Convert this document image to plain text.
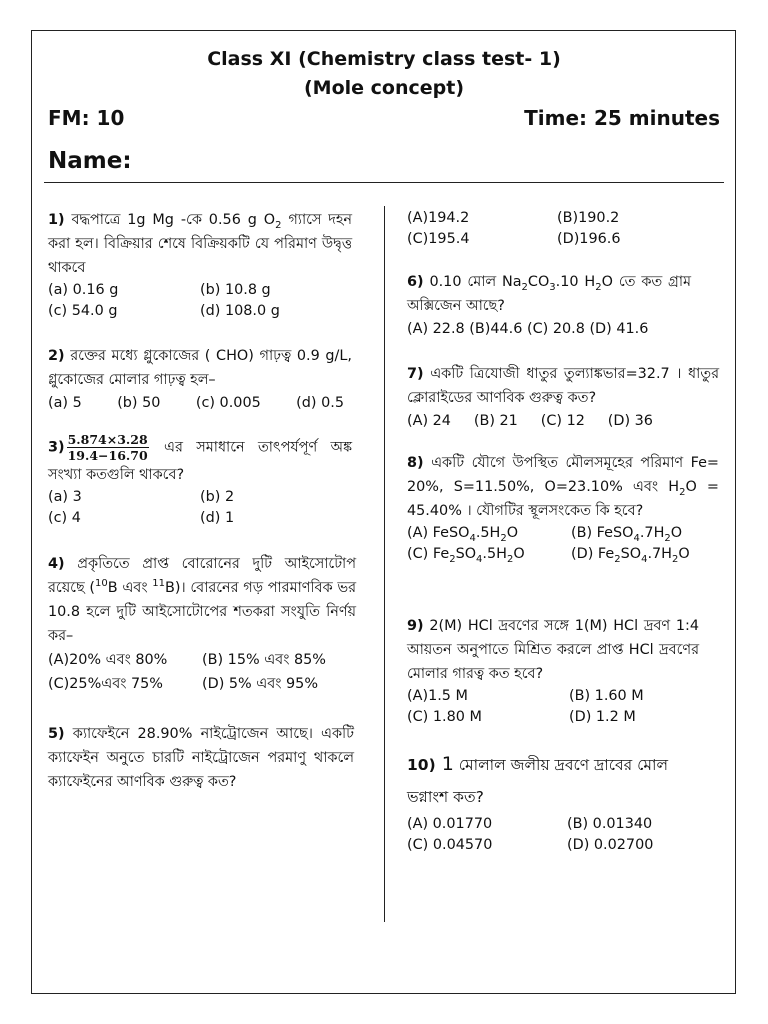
Class XI (Chemistry class test- 1)
(Mole concept)
FM: 10	Time: 25 minutes
Name:

1) বদ্ধপাত্রে 1g Mg -কে 0.56 g $O_2$ গ্যাসে দহন করা হল। বিক্রিয়ার শেষে বিক্রিয়কটি যে পরিমাণ উদ্বৃত্ত থাকবে

(a) 0.16 g	(b) 10.8 g
(c) 54.0 g	(d) 108.0 g

2) রক্তের মধ্যে গ্লুকোজের ( CHO) গাঢ়ত্ব 0.9 g/L, গ্লুকোজের মোলার গাঢ়ত্ব হল–

(a) 5 (b) 50 (c) 0.005 (d) 0.5

$3) \frac{5.874\times 3.28}{19.4-16.70}$ এর সমাধানে তাৎপর্যপূর্ণ অঙ্ক সংখ্যা কতগুলি থাকবে?

(a) 3	(b) 2
(c) 4	(d) 1

4) প্রকৃতিতে প্রাপ্ত বোরোনের দুটি আইসোটোপ রয়েছে ($^{10}$B এবং $^{11}$B)। বোরনের গড় পারমাণবিক ভর 10.8 হলে দুটি আইসোটোপের শতকরা সংযুতি নির্ণয় কর–

(A)20% এবং 80%	(B) 15% এবং 85%
(C)25%এবং 75%	(D) 5% এবং 95%

5) ক্যাফেইনে 28.90% নাইট্রোজেন আছে। একটি ক্যাফেইন অনুতে চারটি নাইট্রোজেন পরমাণু থাকলে ক্যাফেইনের আণবিক গুরুত্ব কত?

(A)194.2	(B)190.2
(C)195.4	(D)196.6

6) 0.10 মোল $Na_2CO_3.10$ $H_2O$ তে কত গ্রাম অক্সিজেন আছে?

(A) 22.8 (B)44.6 (C) 20.8 (D) 41.6

7) একটি ত্রিযোজী ধাতুর তুল্যাঙ্কভার=32.7 । ধাতুর ক্লোরাইডের আণবিক গুরুত্ব কত?

(A) 24 (B) 21 (C) 12 (D) 36

8) একটি যৌগে উপস্থিত মৌলসমূহের পরিমাণ Fe= 20%, S=11.50%, O=23.10% এবং $H_2O = 45.40\%$ । যৌগটির স্থূলসংকেত কি হবে?

(A) $FeSO_4.5H_2O$	(B) $FeSO_4.7H_2O$
(C) $Fe_2SO_4.5H_2O$	(D) $Fe_2SO_4.7H_2O$

9) 2(M) HCl দ্রবণের সঙ্গে 1(M) HCl দ্রবণ 1:4 আয়তন অনুপাতে মিশ্রিত করলে প্রাপ্ত HCl দ্রবণের মোলার গারত্ব কত হবে?

(A)1.5 M	(B) 1.60 M
(C) 1.80 M	(D) 1.2 M

10) 1 মোলাল জলীয় দ্রবণে দ্রাবের মোল ভগ্নাংশ কত?

(A) 0.01770	(B) 0.01340
(C) 0.04570	(D) 0.02700
